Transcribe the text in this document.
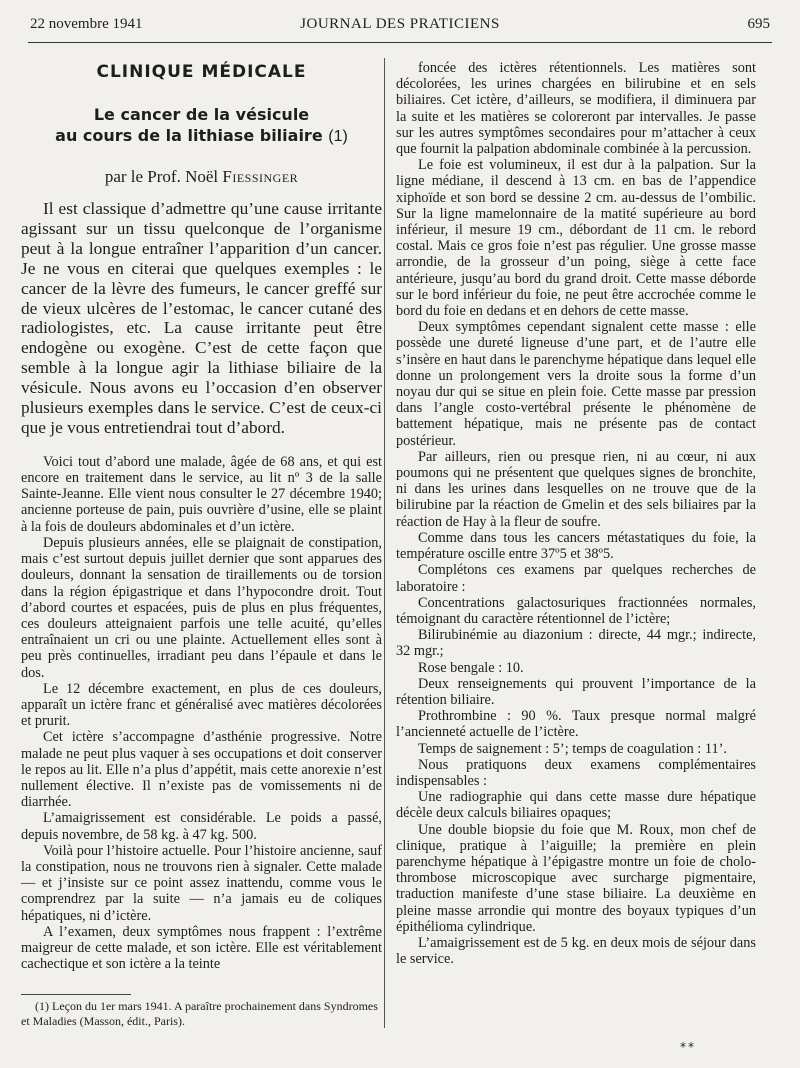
22 novembre 1941	JOURNAL DES PRATICIENS	695
CLINIQUE MÉDICALE
Le cancer de la vésicule
au cours de la lithiase biliaire (1)
par le Prof. Noël Fiessinger

Il est classique d’admettre qu’une cause irritante agissant sur un tissu quelconque de l’organisme peut à la longue entraîner l’apparition d’un cancer. Je ne vous en citerai que quelques exemples : le cancer de la lèvre des fumeurs, le cancer greffé sur de vieux ulcères de l’estomac, le cancer cutané des radiologistes, etc. La cause irritante peut être endogène ou exogène. C’est de cette façon que semble à la longue agir la lithiase biliaire de la vésicule. Nous avons eu l’occasion d’en observer plusieurs exemples dans le service. C’est de ceux-ci que je vous entretiendrai tout d’abord.

Voici tout d’abord une malade, âgée de 68 ans, et qui est encore en traitement dans le service, au lit nº 3 de la salle Sainte-Jeanne. Elle vient nous consulter le 27 décembre 1940; ancienne porteuse de pain, puis ouvrière d’usine, elle se plaint à la fois de douleurs abdominales et d’un ictère.

Depuis plusieurs années, elle se plaignait de constipation, mais c’est surtout depuis juillet dernier que sont apparues des douleurs, donnant la sensation de tiraillements ou de torsion dans la région épigastrique et dans l’hypocondre droit. Tout d’abord courtes et espacées, puis de plus en plus fréquentes, ces douleurs atteignaient parfois une telle acuité, qu’elles entraînaient un cri ou une plainte. Actuellement elles sont à peu près continuelles, irradiant peu dans l’épaule et dans le dos.

Le 12 décembre exactement, en plus de ces douleurs, apparaît un ictère franc et généralisé avec matières décolorées et prurit.

Cet ictère s’accompagne d’asthénie progressive. Notre malade ne peut plus vaquer à ses occupations et doit conserver le repos au lit. Elle n’a plus d’appétit, mais cette anorexie n’est nullement élective. Il n’existe pas de vomissements ni de diarrhée.

L’amaigrissement est considérable. Le poids a passé, depuis novembre, de 58 kg. à 47 kg. 500.

Voilà pour l’histoire actuelle. Pour l’histoire ancienne, sauf la constipation, nous ne trouvons rien à signaler. Cette malade — et j’insiste sur ce point assez inattendu, comme vous le comprendrez par la suite — n’a jamais eu de coliques hépatiques, ni d’ictère.

A l’examen, deux symptômes nous frappent : l’extrême maigreur de cette malade, et son ictère. Elle est véritablement cachectique et son ictère a la teinte

foncée des ictères rétentionnels. Les matières sont décolorées, les urines chargées en bilirubine et en sels biliaires. Cet ictère, d’ailleurs, se modifiera, il diminuera par la suite et les matières se coloreront par intervalles. Je passe sur les autres symptômes secondaires pour m’attacher à ceux que fournit la palpation abdominale combinée à la percussion.

Le foie est volumineux, il est dur à la palpation. Sur la ligne médiane, il descend à 13 cm. en bas de l’appendice xiphoïde et son bord se dessine 2 cm. au-dessus de l’ombilic. Sur la ligne mamelonnaire de la matité supérieure au bord inférieur, il mesure 19 cm., débordant de 11 cm. le rebord costal. Mais ce gros foie n’est pas régulier. Une grosse masse arrondie, de la grosseur d’un poing, siège à cette face antérieure, jusqu’au bord du grand droit. Cette masse déborde sur le bord inférieur du foie, ne peut être accrochée comme le bord du foie en dedans et en dehors de cette masse.

Deux symptômes cependant signalent cette masse : elle possède une dureté ligneuse d’une part, et de l’autre elle s’insère en haut dans le parenchyme hépatique dans lequel elle donne un prolongement vers la droite sous la forme d’un noyau dur qui se situe en plein foie. Cette masse par pression dans l’angle costo-vertébral présente le phénomène de battement hépatique, mais ne présente pas de contact postérieur.

Par ailleurs, rien ou presque rien, ni au cœur, ni aux poumons qui ne présentent que quelques signes de bronchite, ni dans les urines dans lesquelles on ne trouve que de la bilirubine par la réaction de Gmelin et des sels biliaires par la réaction de Hay à la fleur de soufre.

Comme dans tous les cancers métastatiques du foie, la température oscille entre 37º5 et 38º5.

Complétons ces examens par quelques recherches de laboratoire :

Concentrations galactosuriques fractionnées normales, témoignant du caractère rétentionnel de l’ictère;

Bilirubinémie au diazonium : directe, 44 mgr.; indirecte, 32 mgr.;

Rose bengale : 10.

Deux renseignements qui prouvent l’importance de la rétention biliaire.

Prothrombine : 90 %. Taux presque normal malgré l’ancienneté actuelle de l’ictère.

Temps de saignement : 5’; temps de coagulation : 11’.

Nous pratiquons deux examens complémentaires indispensables :

Une radiographie qui dans cette masse dure hépatique décèle deux calculs biliaires opaques;

Une double biopsie du foie que M. Roux, mon chef de clinique, pratique à l’aiguille; la première en plein parenchyme hépatique à l’épigastre montre un foie de cholo-thrombose microscopique avec surcharge pigmentaire, traduction manifeste d’une stase biliaire. La deuxième en pleine masse arrondie qui montre des boyaux typiques d’un épithélioma cylindrique.

L’amaigrissement est de 5 kg. en deux mois de séjour dans le service.

(1) Leçon du 1er mars 1941. A paraître prochainement dans Syndromes et Maladies (Masson, édit., Paris).

**
